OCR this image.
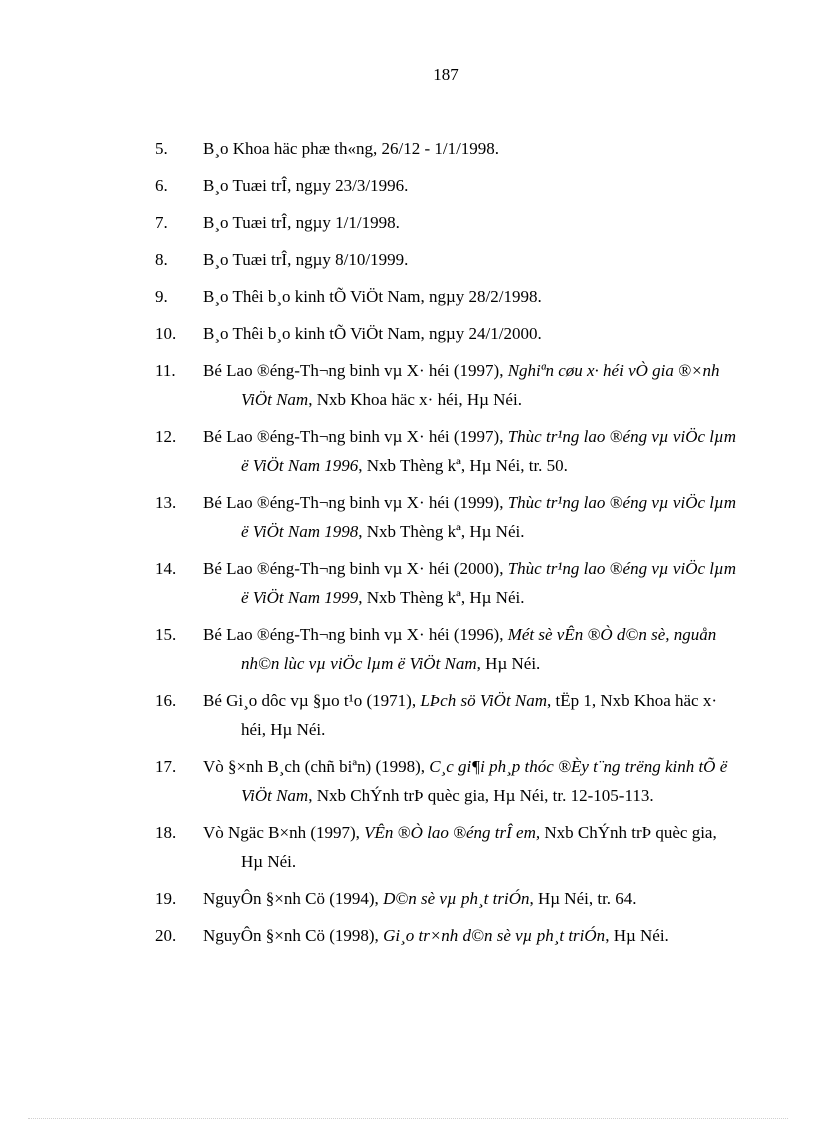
187
5. B¸o Khoa häc phæ th«ng, 26/12 - 1/1/1998.
6. B¸o Tuæi trÎ, ngµy 23/3/1996.
7. B¸o Tuæi trÎ, ngµy 1/1/1998.
8. B¸o Tuæi trÎ, ngµy 8/10/1999.
9. B¸o Thêi b¸o kinh tÕ ViÖt Nam, ngµy 28/2/1998.
10. B¸o Thêi b¸o kinh tÕ ViÖt Nam, ngµy 24/1/2000.
11. Bé Lao ®éng-Th¬ng binh vµ X· héi (1997), Nghiªn cøu x· héi vÒ gia ®×nh ViÖt Nam, Nxb Khoa häc x· héi, Hµ Néi.
12. Bé Lao ®éng-Th¬ng binh vµ X· héi (1997), Thùc tr¹ng lao ®éng vµ viÖc lµm ë ViÖt Nam 1996, Nxb Thèng kª, Hµ Néi, tr. 50.
13. Bé Lao ®éng-Th¬ng binh vµ X· héi (1999), Thùc tr¹ng lao ®éng vµ viÖc lµm ë ViÖt Nam 1998, Nxb Thèng kª, Hµ Néi.
14. Bé Lao ®éng-Th¬ng binh vµ X· héi (2000), Thùc tr¹ng lao ®éng vµ viÖc lµm ë ViÖt Nam 1999, Nxb Thèng kª, Hµ Néi.
15. Bé Lao ®éng-Th¬ng binh vµ X· héi (1996), Mét sè vÊn ®Ò d©n sè, nguån nh©n lùc vµ viÖc lµm ë ViÖt Nam, Hµ Néi.
16. Bé Gi¸o dôc vµ §µo t¹o (1971), LÞch sö ViÖt Nam, tËp 1, Nxb Khoa häc x· héi, Hµ Néi.
17. Vò §×nh B¸ch (chñ biªn) (1998), C¸c gi¶i ph¸p thóc ®Èy t¨ng trëng kinh tÕ ë ViÖt Nam, Nxb ChÝnh trÞ quèc gia, Hµ Néi, tr. 12-105-113.
18. Vò Ngäc B×nh (1997), VÊn ®Ò lao ®éng trÎ em, Nxb ChÝnh trÞ quèc gia, Hµ Néi.
19. NguyÔn §×nh Cö (1994), D©n sè vµ ph¸t triÓn, Hµ Néi, tr. 64.
20. NguyÔn §×nh Cö (1998), Gi¸o tr×nh d©n sè vµ ph¸t triÓn, Hµ Néi.
